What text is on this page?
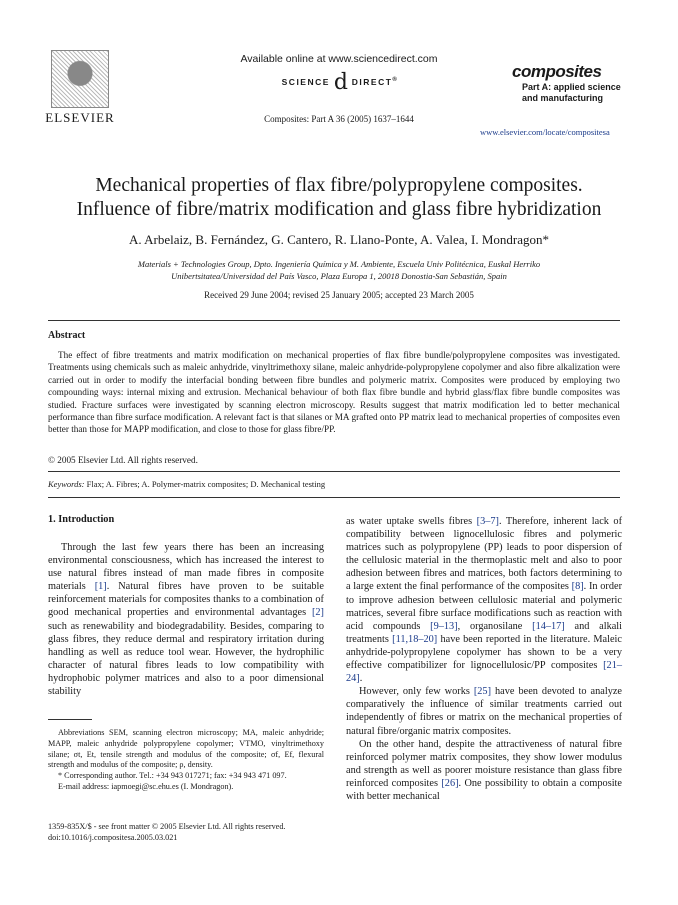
ELSEVIER
Available online at www.sciencedirect.com
SCIENCE d DIRECT®
Composites: Part A 36 (2005) 1637–1644
composites
Part A: applied science
and manufacturing
www.elsevier.com/locate/compositesa
Mechanical properties of flax fibre/polypropylene composites.
Influence of fibre/matrix modification and glass fibre hybridization
A. Arbelaiz, B. Fernández, G. Cantero, R. Llano-Ponte, A. Valea, I. Mondragon*
Materials + Technologies Group, Dpto. Ingeniería Química y M. Ambiente, Escuela Univ Politécnica, Euskal Herriko
Unibertsitatea/Universidad del País Vasco, Plaza Europa 1, 20018 Donostia-San Sebastián, Spain
Received 29 June 2004; revised 25 January 2005; accepted 23 March 2005
Abstract
The effect of fibre treatments and matrix modification on mechanical properties of flax fibre bundle/polypropylene composites was investigated. Treatments using chemicals such as maleic anhydride, vinyltrimethoxy silane, maleic anhydride-polypropylene copolymer and also fibre alkalization were carried out in order to modify the interfacial bonding between fibre bundles and polymeric matrix. Composites were produced by employing two compounding ways: internal mixing and extrusion. Mechanical behaviour of both flax fibre bundle and hybrid glass/flax fibre bundle composites was studied. Fracture surfaces were investigated by scanning electron microscopy. Results suggest that matrix modification led to better mechanical performance than fibre surface modification. A relevant fact is that silanes or MA grafted onto PP matrix lead to mechanical properties of composites even better than those for MAPP modification, and close to those for glass fibre/PP.
© 2005 Elsevier Ltd. All rights reserved.
Keywords: Flax; A. Fibres; A. Polymer-matrix composites; D. Mechanical testing
1. Introduction

Through the last few years there has been an increasing environmental consciousness, which has increased the interest to use natural fibres instead of man made fibres in composite materials [1]. Natural fibres have proven to be suitable reinforcement materials for composites thanks to a combination of good mechanical properties and environmental advantages [2] such as renewability and biodegradability. Besides, comparing to glass fibres, they reduce dermal and respiratory irritation during handling as well as reduce tool wear. However, the hydrophilic character of natural fibres leads to low compatibility with hydrophobic polymer matrices and also to a poor dimensional stability

as water uptake swells fibres [3–7]. Therefore, inherent lack of compatibility between lignocellulosic fibres and polymeric matrices such as polypropylene (PP) leads to poor dispersion of the cellulosic material in the thermoplastic melt and also to poor adhesion between fibres and matrices, both factors determining to a large extent the final performance of the composites [8]. In order to improve adhesion between cellulosic material and polymeric matrices, several fibre surface modifications such as reaction with acid compounds [9–13], organosilane [14–17] and alkali treatments [11,18–20] have been reported in the literature. Maleic anhydride-polypropylene copolymer has shown to be a very effective compatibilizer for lignocellulosic/PP composites [21–24].

However, only few works [25] have been devoted to analyze comparatively the influence of similar treatments carried out independently of fibres or matrix on the mechanical properties of natural fibre/organic matrix composites.

On the other hand, despite the attractiveness of natural fibre reinforced polymer matrix composites, they show lower modulus and strength as well as poorer moisture resistance than glass fibre reinforced composites [26]. One possibility to obtain a composite with better mechanical

Abbreviations SEM, scanning electron microscopy; MA, maleic anhydride; MAPP, maleic anhydride polypropylene copolymer; VTMO, vinyltrimethoxy silane; σt, Et, tensile strength and modulus of the composite; σf, Ef, flexural strength and modulus of the composite; ρ, density.

* Corresponding author. Tel.: +34 943 017271; fax: +34 943 471 097.

E-mail address: iapmoegi@sc.ehu.es (I. Mondragon).

1359-835X/$ - see front matter © 2005 Elsevier Ltd. All rights reserved.
doi:10.1016/j.compositesa.2005.03.021
